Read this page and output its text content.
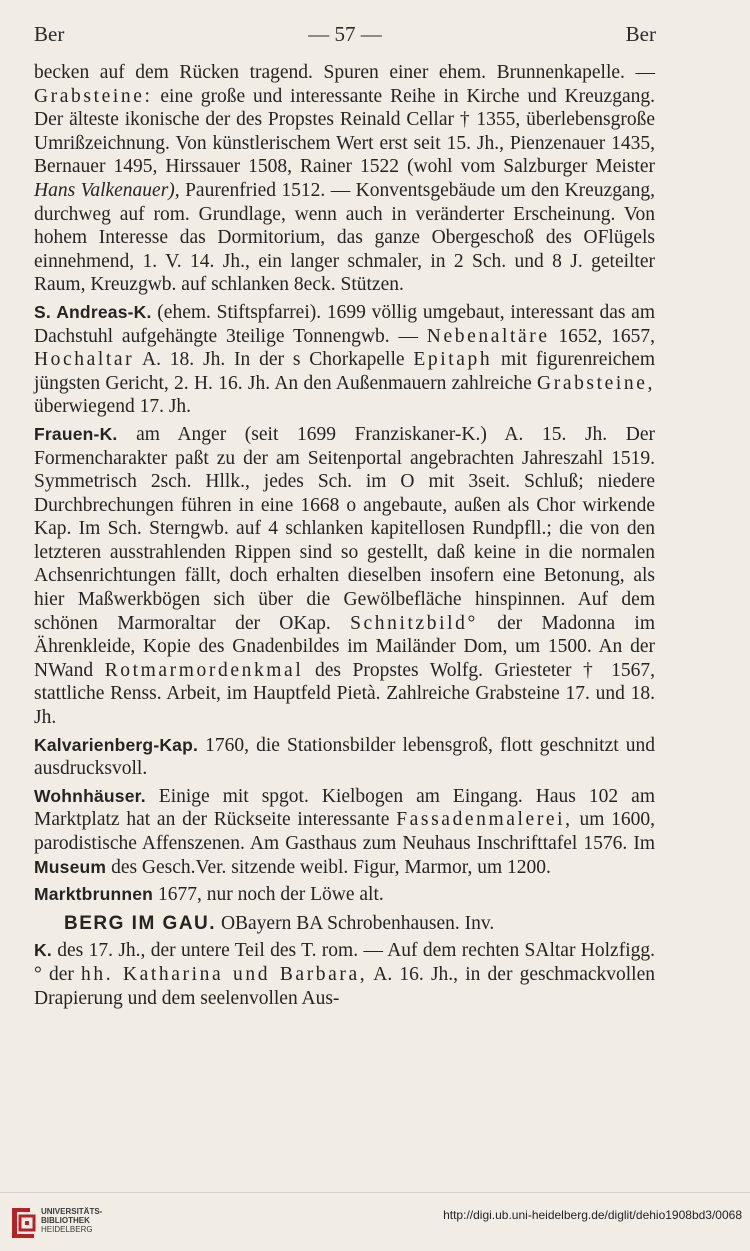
Ber	— 57 —	Ber

becken auf dem Rücken tragend. Spuren einer ehem. Brunnenkapelle. — Grabsteine: eine große und interessante Reihe in Kirche und Kreuzgang. Der älteste ikonische der des Propstes Reinald Cellar † 1355, überlebensgroße Umrißzeichnung. Von künstlerischem Wert erst seit 15. Jh., Pienzenauer 1435, Bernauer 1495, Hirssauer 1508, Rainer 1522 (wohl vom Salzburger Meister Hans Valkenauer), Paurenfried 1512. — Konventsgebäude um den Kreuzgang, durchweg auf rom. Grundlage, wenn auch in veränderter Erscheinung. Von hohem Interesse das Dormitorium, das ganze Obergeschoß des OFlügels einnehmend, 1. V. 14. Jh., ein langer schmaler, in 2 Sch. und 8 J. geteilter Raum, Kreuzgwb. auf schlanken 8eck. Stützen.

S. Andreas-K. (ehem. Stiftspfarrei). 1699 völlig umgebaut, interessant das am Dachstuhl aufgehängte 3teilige Tonnengwb. — Nebenaltäre 1652, 1657, Hochaltar A. 18. Jh. In der s Chorkapelle Epitaph mit figurenreichem jüngsten Gericht, 2. H. 16. Jh. An den Außenmauern zahlreiche Grabsteine, überwiegend 17. Jh.

Frauen-K. am Anger (seit 1699 Franziskaner-K.) A. 15. Jh. Der Formencharakter paßt zu der am Seitenportal angebrachten Jahreszahl 1519. Symmetrisch 2sch. Hllk., jedes Sch. im O mit 3seit. Schluß; niedere Durchbrechungen führen in eine 1668 o angebaute, außen als Chor wirkende Kap. Im Sch. Sterngwb. auf 4 schlanken kapitellosen Rundpfll.; die von den letzteren ausstrahlenden Rippen sind so gestellt, daß keine in die normalen Achsenrichtungen fällt, doch erhalten dieselben insofern eine Betonung, als hier Maßwerkbögen sich über die Gewölbefläche hinspinnen. Auf dem schönen Marmoraltar der OKap. Schnitzbild° der Madonna im Ährenkleide, Kopie des Gnadenbildes im Mailänder Dom, um 1500. An der NWand Rotmarmordenkmal des Propstes Wolfg. Griesteter † 1567, stattliche Renss. Arbeit, im Hauptfeld Pietà. Zahlreiche Grabsteine 17. und 18. Jh.

Kalvarienberg-Kap. 1760, die Stationsbilder lebensgroß, flott geschnitzt und ausdrucksvoll.

Wohnhäuser. Einige mit spgot. Kielbogen am Eingang. Haus 102 am Marktplatz hat an der Rückseite interessante Fassadenmalerei, um 1600, parodistische Affenszenen. Am Gasthaus zum Neuhaus Inschrifttafel 1576. Im Museum des Gesch.Ver. sitzende weibl. Figur, Marmor, um 1200.

Marktbrunnen 1677, nur noch der Löwe alt.

BERG IM GAU. OBayern BA Schrobenhausen. Inv.

K. des 17. Jh., der untere Teil des T. rom. — Auf dem rechten SAltar Holzfigg.° der hh. Katharina und Barbara, A. 16. Jh., in der geschmackvollen Drapierung und dem seelenvollen Aus-

UNIVERSITÄTS-
BIBLIOTHEK
HEIDELBERG
http://digi.ub.uni-heidelberg.de/diglit/dehio1908bd3/0068
